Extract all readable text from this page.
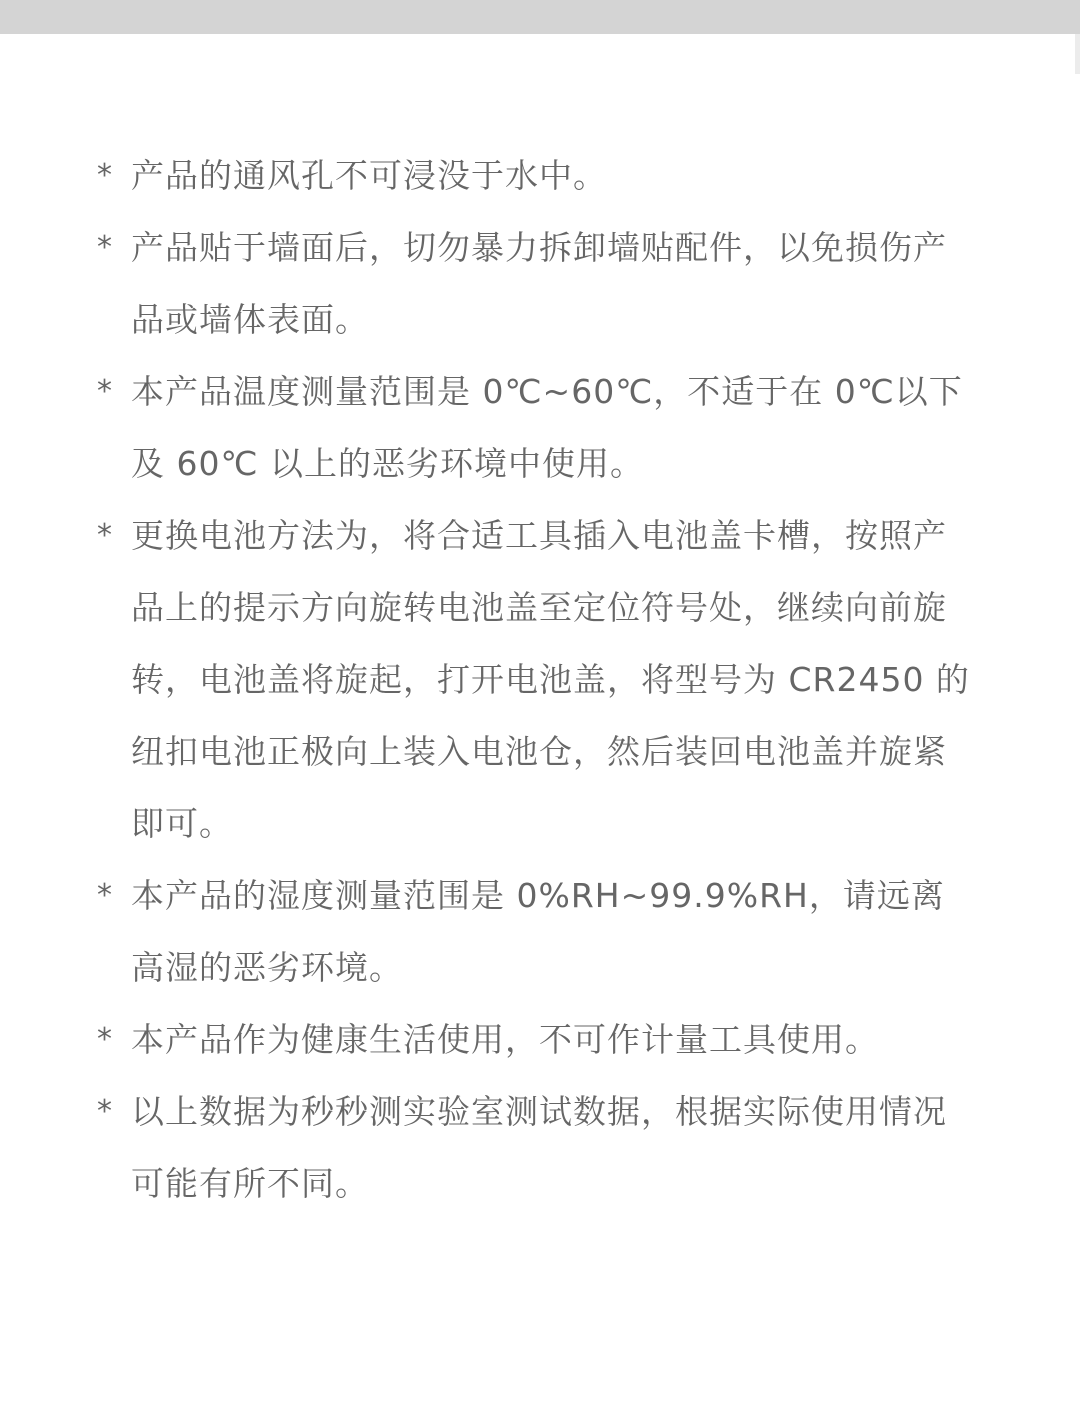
* 产品的通风孔不可浸没于水中。
* 产品贴于墙面后，切勿暴力拆卸墙贴配件，以免损伤产品或墙体表面。
* 本产品温度测量范围是 0℃~60℃，不适于在 0℃以下及 60℃ 以上的恶劣环境中使用。
* 更换电池方法为，将合适工具插入电池盖卡槽，按照产品上的提示方向旋转电池盖至定位符号处，继续向前旋转，电池盖将旋起，打开电池盖，将型号为 CR2450 的纽扣电池正极向上装入电池仓，然后装回电池盖并旋紧即可。
* 本产品的湿度测量范围是 0%RH~99.9%RH，请远离高湿的恶劣环境。
* 本产品作为健康生活使用，不可作计量工具使用。
* 以上数据为秒秒测实验室测试数据，根据实际使用情况可能有所不同。
